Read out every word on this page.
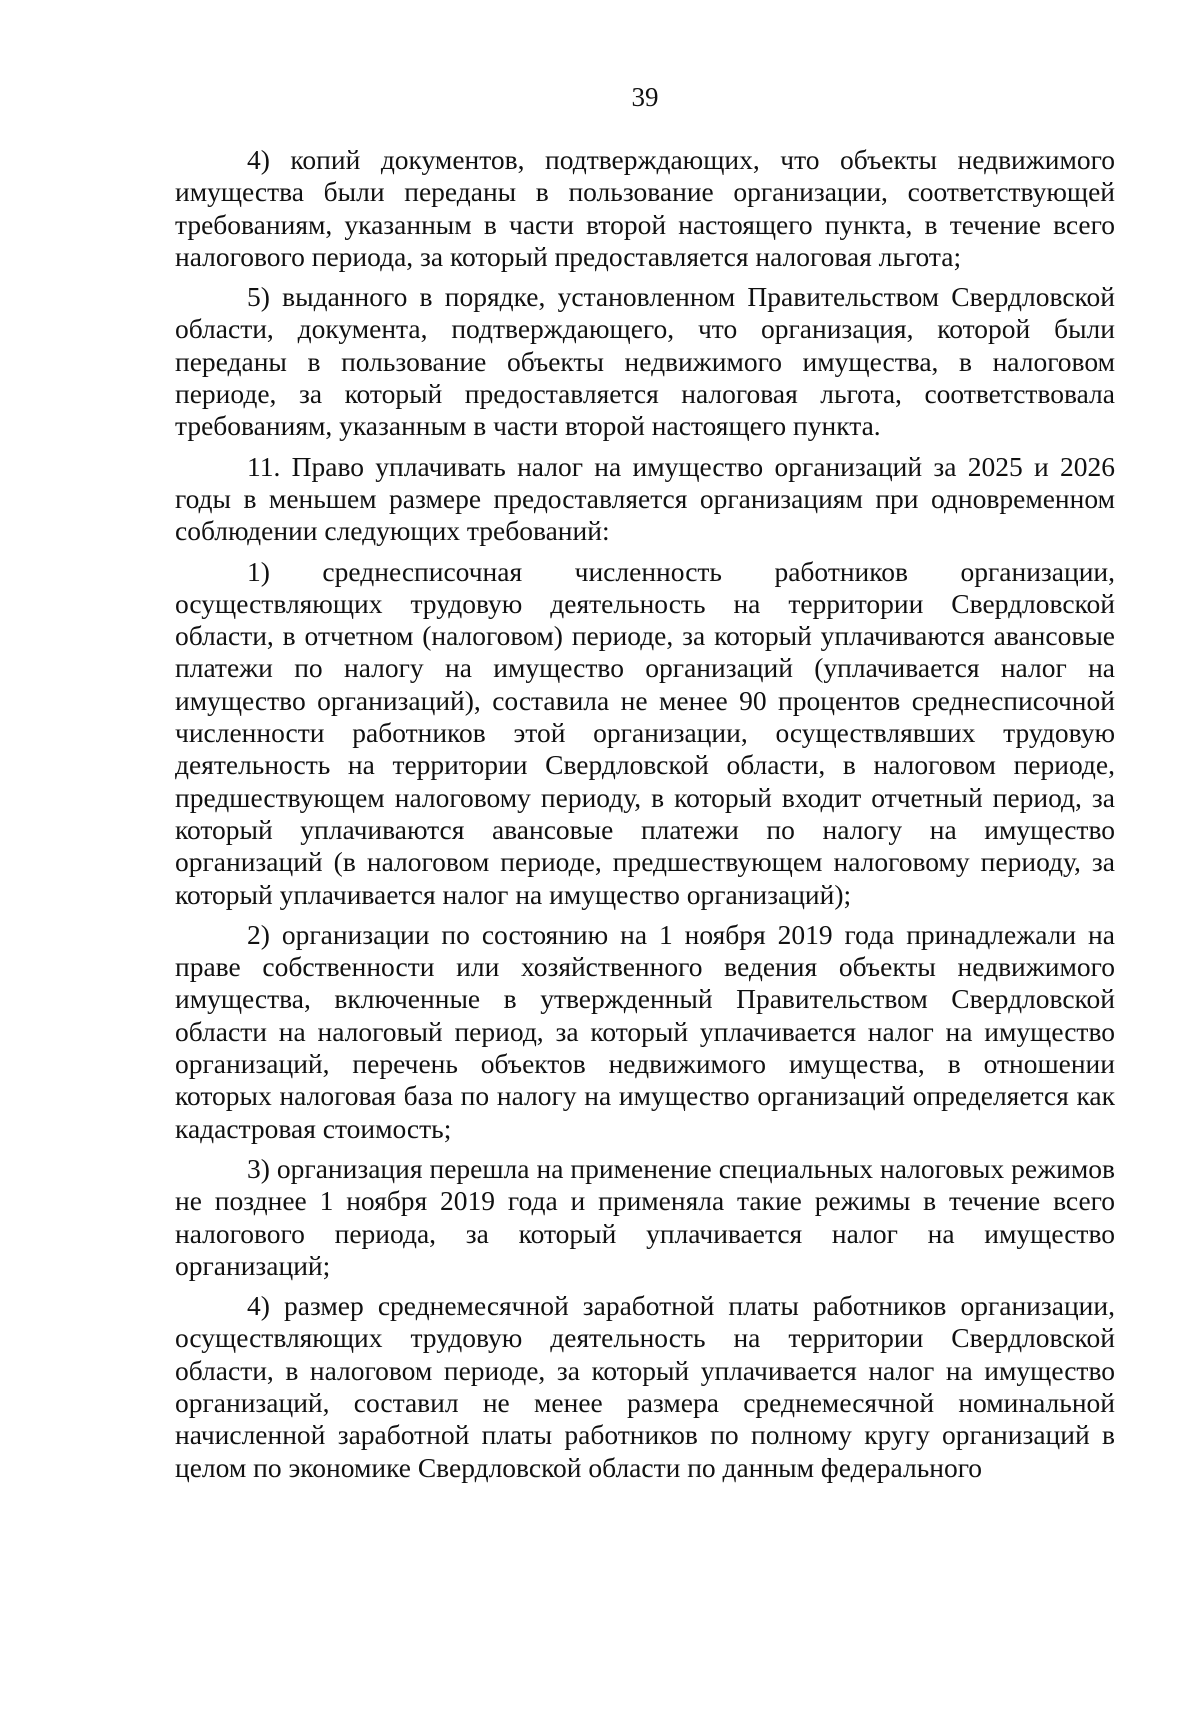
39

4) копий документов, подтверждающих, что объекты недвижимого имущества были переданы в пользование организации, соответствующей требованиям, указанным в части второй настоящего пункта, в течение всего налогового периода, за который предоставляется налоговая льгота;

5) выданного в порядке, установленном Правительством Свердловской области, документа, подтверждающего, что организация, которой были переданы в пользование объекты недвижимого имущества, в налоговом периоде, за который предоставляется налоговая льгота, соответствовала требованиям, указанным в части второй настоящего пункта.

11. Право уплачивать налог на имущество организаций за 2025 и 2026 годы в меньшем размере предоставляется организациям при одновременном соблюдении следующих требований:

1) среднесписочная численность работников организации, осуществляющих трудовую деятельность на территории Свердловской области, в отчетном (налоговом) периоде, за который уплачиваются авансовые платежи по налогу на имущество организаций (уплачивается налог на имущество организаций), составила не менее 90 процентов среднесписочной численности работников этой организации, осуществлявших трудовую деятельность на территории Свердловской области, в налоговом периоде, предшествующем налоговому периоду, в который входит отчетный период, за который уплачиваются авансовые платежи по налогу на имущество организаций (в налоговом периоде, предшествующем налоговому периоду, за который уплачивается налог на имущество организаций);

2) организации по состоянию на 1 ноября 2019 года принадлежали на праве собственности или хозяйственного ведения объекты недвижимого имущества, включенные в утвержденный Правительством Свердловской области на налоговый период, за который уплачивается налог на имущество организаций, перечень объектов недвижимого имущества, в отношении которых налоговая база по налогу на имущество организаций определяется как кадастровая стоимость;

3) организация перешла на применение специальных налоговых режимов не позднее 1 ноября 2019 года и применяла такие режимы в течение всего налогового периода, за который уплачивается налог на имущество организаций;

4) размер среднемесячной заработной платы работников организации, осуществляющих трудовую деятельность на территории Свердловской области, в налоговом периоде, за который уплачивается налог на имущество организаций, составил не менее размера среднемесячной номинальной начисленной заработной платы работников по полному кругу организаций в целом по экономике Свердловской области по данным федерального
